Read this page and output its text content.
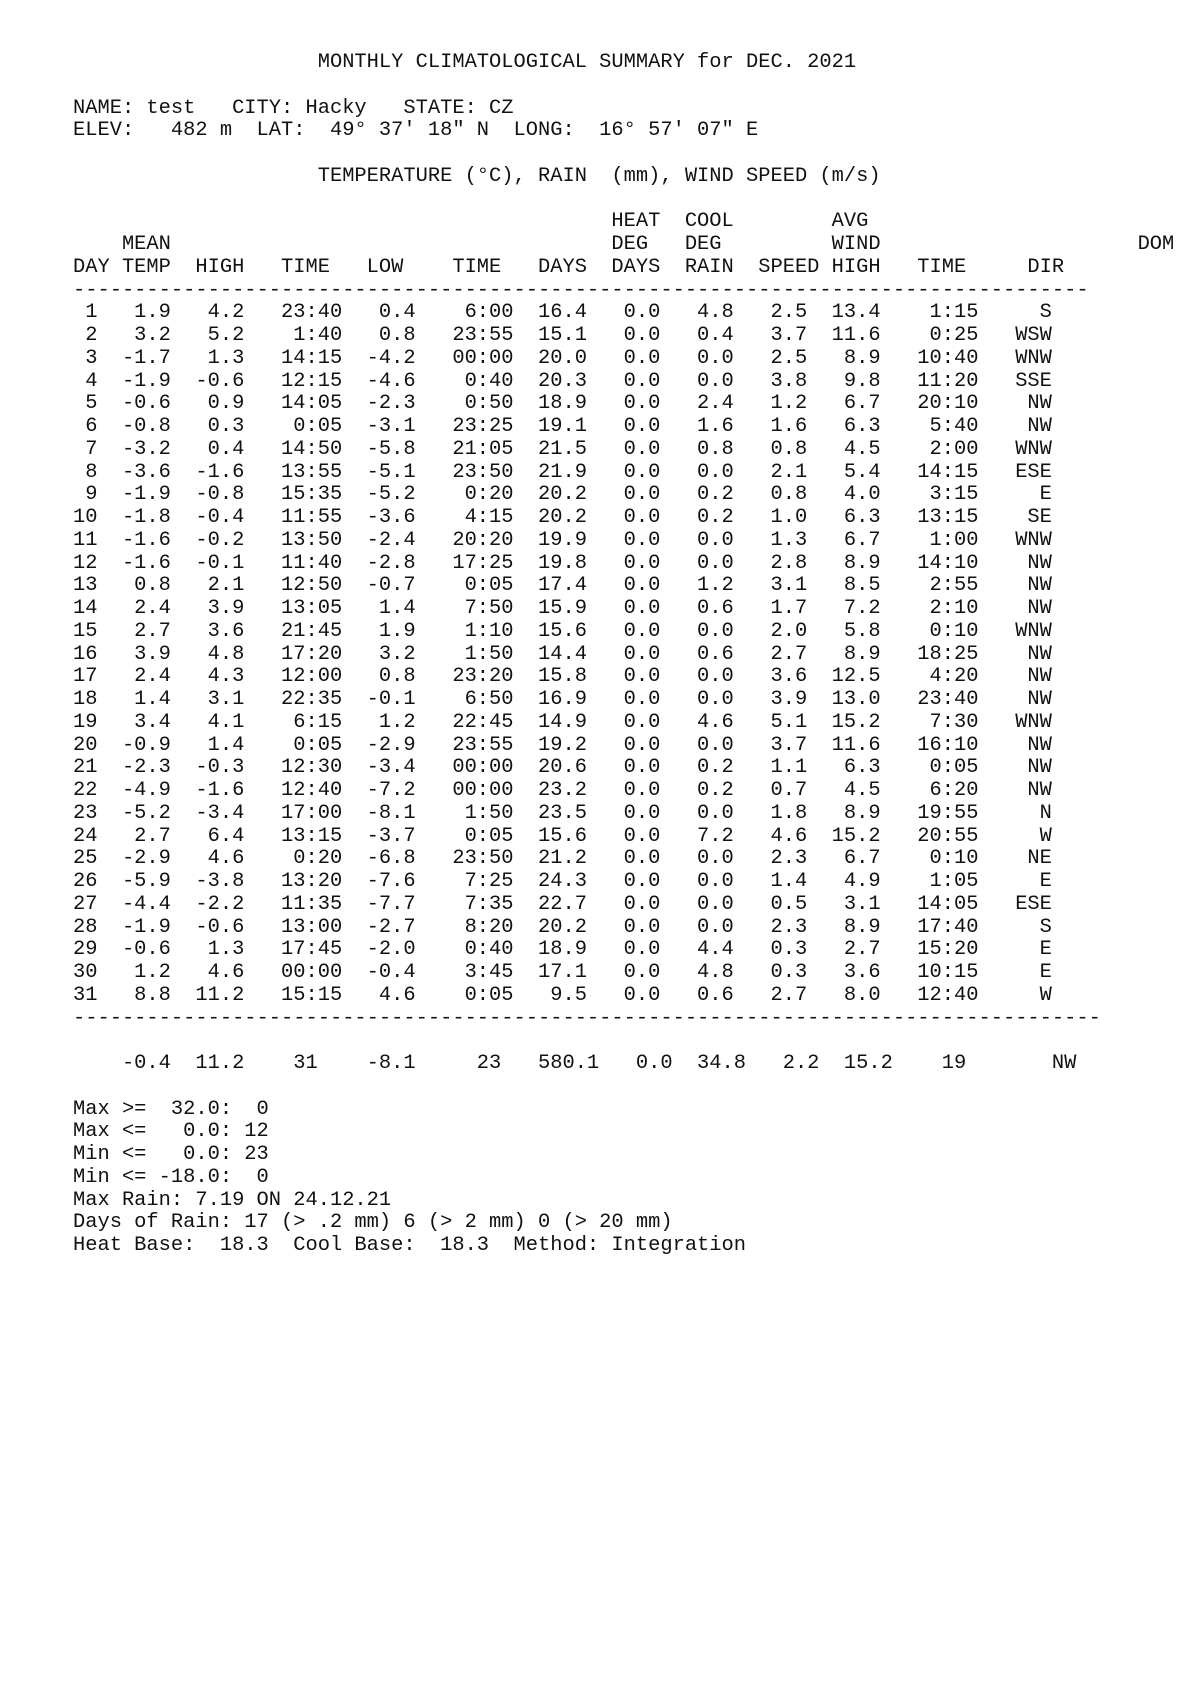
MONTHLY CLIMATOLOGICAL SUMMARY for DEC. 2021
NAME: test   CITY: Hacky   STATE: CZ
ELEV:   482 m  LAT:  49° 37' 18" N  LONG:  16° 57' 07" E
TEMPERATURE (°C), RAIN  (mm), WIND SPEED (m/s)
HEAT  COOL        AVG
MEAN                                    DEG   DEG         WIND                     DOM
DAY TEMP  HIGH   TIME   LOW    TIME   DAYS  DAYS  RAIN  SPEED HIGH   TIME     DIR
-----------------------------------------------------------------------------------
1   1.9   4.2   23:40   0.4    6:00  16.4   0.0   4.8   2.5  13.4    1:15     S
2   3.2   5.2    1:40   0.8   23:55  15.1   0.0   0.4   3.7  11.6    0:25   WSW
3  -1.7   1.3   14:15  -4.2   00:00  20.0   0.0   0.0   2.5   8.9   10:40   WNW
4  -1.9  -0.6   12:15  -4.6    0:40  20.3   0.0   0.0   3.8   9.8   11:20   SSE
5  -0.6   0.9   14:05  -2.3    0:50  18.9   0.0   2.4   1.2   6.7   20:10    NW
6  -0.8   0.3    0:05  -3.1   23:25  19.1   0.0   1.6   1.6   6.3    5:40    NW
7  -3.2   0.4   14:50  -5.8   21:05  21.5   0.0   0.8   0.8   4.5    2:00   WNW
8  -3.6  -1.6   13:55  -5.1   23:50  21.9   0.0   0.0   2.1   5.4   14:15   ESE
9  -1.9  -0.8   15:35  -5.2    0:20  20.2   0.0   0.2   0.8   4.0    3:15     E
10  -1.8  -0.4   11:55  -3.6    4:15  20.2   0.0   0.2   1.0   6.3   13:15    SE
11  -1.6  -0.2   13:50  -2.4   20:20  19.9   0.0   0.0   1.3   6.7    1:00   WNW
12  -1.6  -0.1   11:40  -2.8   17:25  19.8   0.0   0.0   2.8   8.9   14:10    NW
13   0.8   2.1   12:50  -0.7    0:05  17.4   0.0   1.2   3.1   8.5    2:55    NW
14   2.4   3.9   13:05   1.4    7:50  15.9   0.0   0.6   1.7   7.2    2:10    NW
15   2.7   3.6   21:45   1.9    1:10  15.6   0.0   0.0   2.0   5.8    0:10   WNW
16   3.9   4.8   17:20   3.2    1:50  14.4   0.0   0.6   2.7   8.9   18:25    NW
17   2.4   4.3   12:00   0.8   23:20  15.8   0.0   0.0   3.6  12.5    4:20    NW
18   1.4   3.1   22:35  -0.1    6:50  16.9   0.0   0.0   3.9  13.0   23:40    NW
19   3.4   4.1    6:15   1.2   22:45  14.9   0.0   4.6   5.1  15.2    7:30   WNW
20  -0.9   1.4    0:05  -2.9   23:55  19.2   0.0   0.0   3.7  11.6   16:10    NW
21  -2.3  -0.3   12:30  -3.4   00:00  20.6   0.0   0.2   1.1   6.3    0:05    NW
22  -4.9  -1.6   12:40  -7.2   00:00  23.2   0.0   0.2   0.7   4.5    6:20    NW
23  -5.2  -3.4   17:00  -8.1    1:50  23.5   0.0   0.0   1.8   8.9   19:55     N
24   2.7   6.4   13:15  -3.7    0:05  15.6   0.0   7.2   4.6  15.2   20:55     W
25  -2.9   4.6    0:20  -6.8   23:50  21.2   0.0   0.0   2.3   6.7    0:10    NE
26  -5.9  -3.8   13:20  -7.6    7:25  24.3   0.0   0.0   1.4   4.9    1:05     E
27  -4.4  -2.2   11:35  -7.7    7:35  22.7   0.0   0.0   0.5   3.1   14:05   ESE
28  -1.9  -0.6   13:00  -2.7    8:20  20.2   0.0   0.0   2.3   8.9   17:40     S
29  -0.6   1.3   17:45  -2.0    0:40  18.9   0.0   4.4   0.3   2.7   15:20     E
30   1.2   4.6   00:00  -0.4    3:45  17.1   0.0   4.8   0.3   3.6   10:15     E
31   8.8  11.2   15:15   4.6    0:05   9.5   0.0   0.6   2.7   8.0   12:40     W
------------------------------------------------------------------------------------
-0.4  11.2    31    -8.1     23   580.1   0.0  34.8   2.2  15.2    19       NW
Max >=  32.0:  0
Max <=   0.0: 12
Min <=   0.0: 23
Min <= -18.0:  0
Max Rain: 7.19 ON 24.12.21
Days of Rain: 17 (> .2 mm) 6 (> 2 mm) 0 (> 20 mm)
Heat Base:  18.3  Cool Base:  18.3  Method: Integration
